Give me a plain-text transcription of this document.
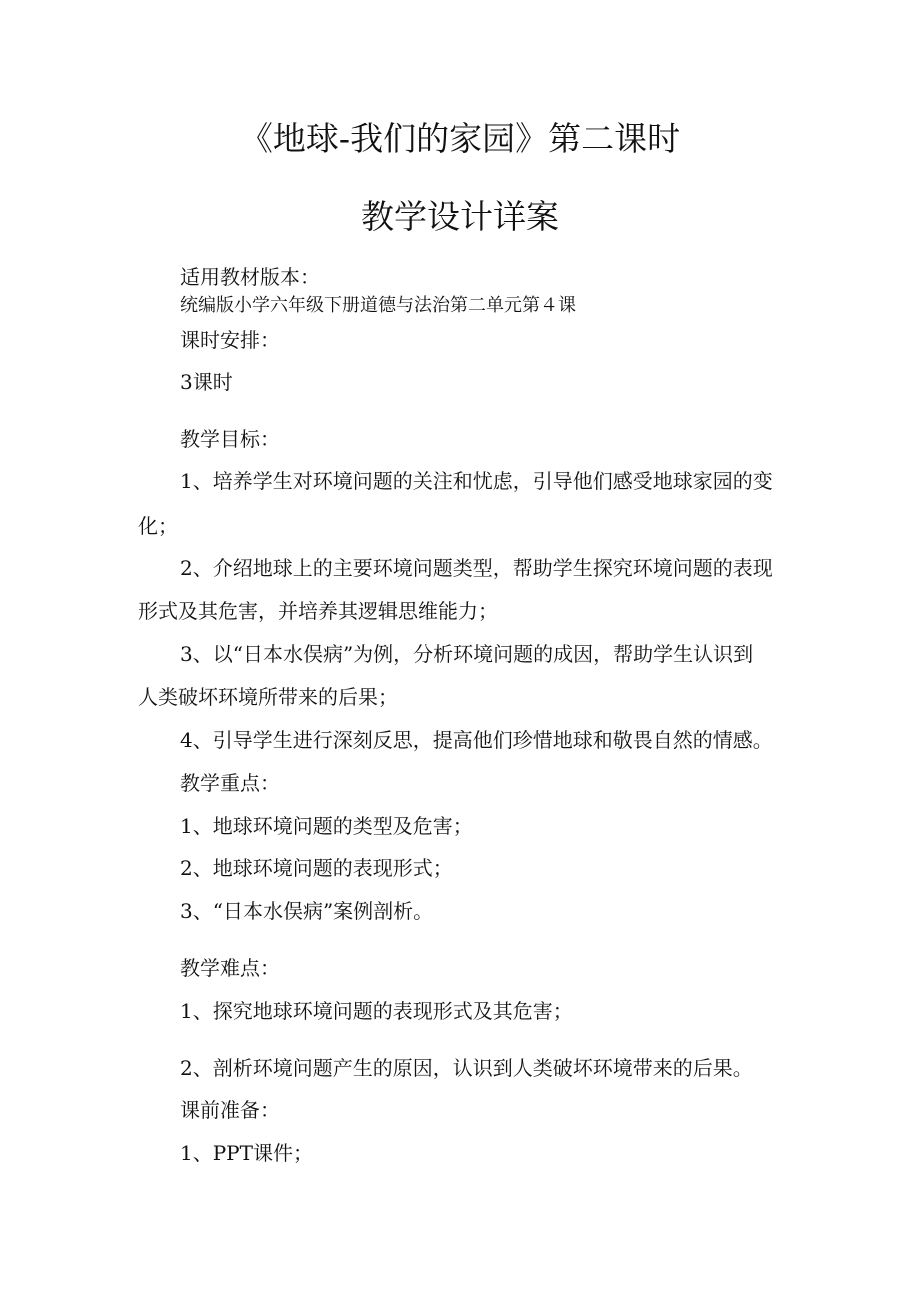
《地球-我们的家园》第二课时
教学设计详案

适用教材版本：

统编版小学六年级下册道德与法治第二单元第４课

课时安排：

3课时

教学目标：

1、培养学生对环境问题的关注和忧虑，引导他们感受地球家园的变

化；

2、介绍地球上的主要环境问题类型，帮助学生探究环境问题的表现

形式及其危害，并培养其逻辑思维能力；

3、以“日本水俣病”为例，分析环境问题的成因，帮助学生认识到

人类破坏环境所带来的后果；

4、引导学生进行深刻反思，提高他们珍惜地球和敬畏自然的情感。

教学重点：

1、地球环境问题的类型及危害；

2、地球环境问题的表现形式；

3、“日本水俣病”案例剖析。

教学难点：

1、探究地球环境问题的表现形式及其危害；

2、剖析环境问题产生的原因，认识到人类破坏环境带来的后果。

课前准备：

1、PPT课件；
